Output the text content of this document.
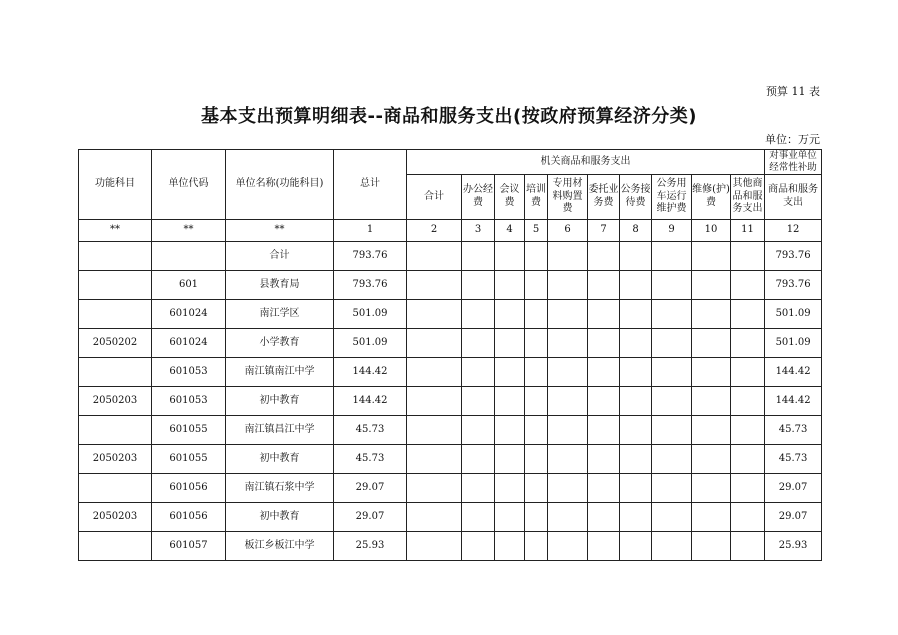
预算 11 表
基本支出预算明细表--商品和服务支出(按政府预算经济分类)
单位：万元
功能科目	单位代码	单位名称(功能科目)	总计	机关商品和服务支出										对事业单位经常性补助
				合计	办公经费	会议费	培训费	专用材料购置费	委托业务费	公务接待费	公务用车运行维护费	维修(护)费	其他商品和服务支出	商品和服务支出
**	**	**	1	2	3	4	5	6	7	8	9	10	11	12
		合计	793.76											793.76
	601	县教育局	793.76											793.76
	601024	南江学区	501.09											501.09
2050202	601024	小学教育	501.09											501.09
	601053	南江镇南江中学	144.42											144.42
2050203	601053	初中教育	144.42											144.42
	601055	南江镇昌江中学	45.73											45.73
2050203	601055	初中教育	45.73											45.73
	601056	南江镇石浆中学	29.07											29.07
2050203	601056	初中教育	29.07											29.07
	601057	板江乡板江中学	25.93											25.93
